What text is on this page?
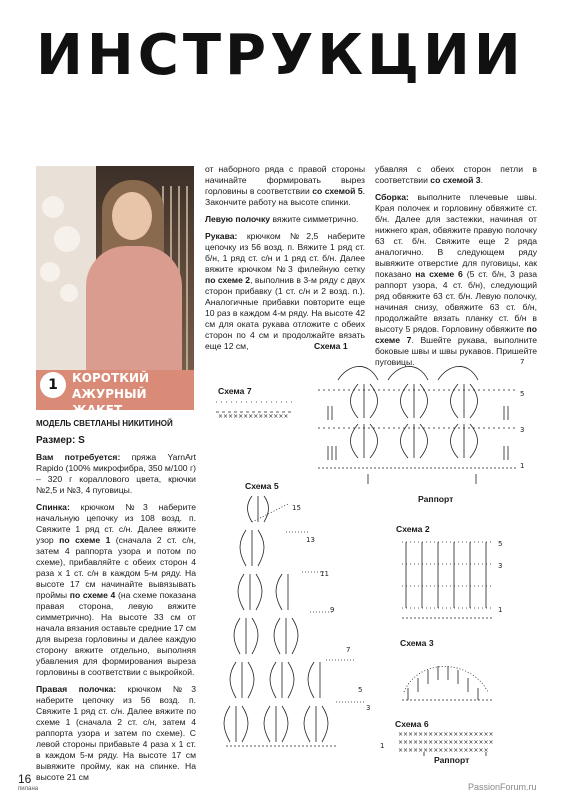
ИНСТРУКЦИИ
1	КОРОТКИЙ
АЖУРНЫЙ ЖАКЕТ

МОДЕЛЬ СВЕТЛАНЫ НИКИТИНОЙ

Размер: S

Вам потребуется: пряжа YarnArt Rapido (100% микрофибра, 350 м/100 г) – 320 г кораллового цвета, крючки №2,5 и №3, 4 пуговицы.

Спинка: крючком №3 наберите начальную цепочку из 108 возд. п. Свяжите 1 ряд ст. с/н. Далее вяжите узор по схеме 1 (сначала 2 ст. с/н, затем 4 раппорта узора и потом по схеме), прибавляйте с обеих сторон 4 раза х 1 ст. с/н в каждом 5-м ряду. На высоте 17 см начинайте вывязывать проймы по схеме 4 (на схеме показана правая сторона, левую вяжите симметрично). На высоте 33 см от начала вязания оставьте средние 17 см для выреза горловины и далее каждую сторону вяжите отдельно, выполняя убавления для формирования выреза горловины в соответствии с выкройкой.

Правая полочка: крючком №3 наберите цепочку из 56 возд. п. Свяжите 1 ряд ст. с/н. Далее вяжите по схеме 1 (сначала 2 ст. с/н, затем 4 раппорта узора и затем по схеме). С левой стороны прибавьте 4 раза х 1 ст. в каждом 5-м ряду. На высоте 17 см вывяжите пройму, как на спинке. На высоте 21 см

от наборного ряда с правой стороны начинайте формировать вырез горловины в соответствии со схемой 5. Закончите работу на высоте спинки.

Левую полочку вяжите симметрично.

Рукава: крючком №2,5 наберите цепочку из 56 возд. п. Вяжите 1 ряд ст. б/н, 1 ряд ст. с/н и 1 ряд ст. б/н. Далее вяжите крючком №3 филейную сетку по схеме 2, выполнив в 3-м ряду с двух сторон прибавку (1 ст. с/н и 2 возд. п.). Аналогичные прибавки повторите еще 10 раз в каждом 4-м ряду. На высоте 42 см для оката рукава отложите с обеих сторон по 4 см и продолжайте вязать еще 12 см,

убавляя с обеих сторон петли в соответствии со схемой 3.

Сборка: выполните плечевые швы. Края полочек и горловину обвяжите ст. б/н. Далее для застежки, начиная от нижнего края, обвяжите правую полочку 63 ст. б/н. Свяжите еще 2 ряда аналогично. В следующем ряду вывяжите отверстие для пуговицы, как показано на схеме 6 (5 ст. б/н, 3 раза раппорт узора, 4 ст. б/н), следующий ряд обвяжите 63 ст. б/н. Левую полочку, начиная снизу, обвяжите 63 ст. б/н, продолжайте вязать планку ст. б/н в высоту 5 рядов. Горловину обвяжите по схеме 7. Вшейте рукава, выполните боковые швы и швы рукавов. Пришейте пуговицы.

Схема 7
Схема 1
Схема 5
Схема 2
Схема 3
Схема 6
Раппорт
Раппорт
××××××××××××××
7
5
3
1
15
13
11
9
7
5
3
1
5
3
1
×××××××××××××××××××
×××××××××××××××××××
××××××××××××××××××
16
пилана	PassionForum.ru
